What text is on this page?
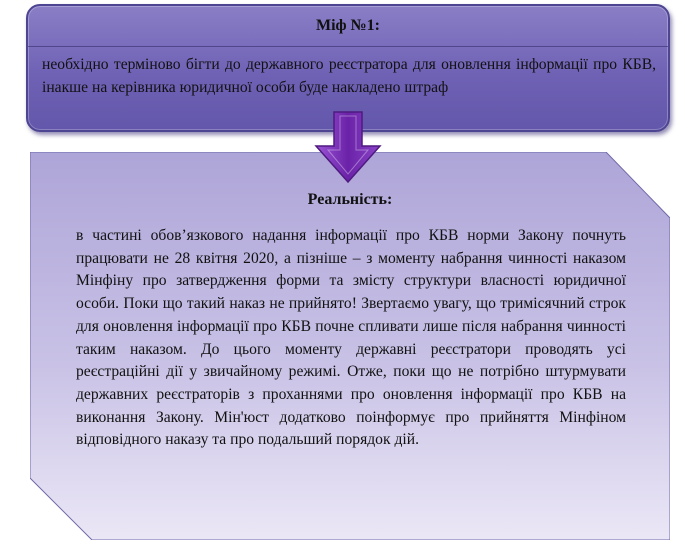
Міф №1:
необхідно терміново бігти до державного реєстратора для оновлення інформації про КБВ, інакше на керівника юридичної особи буде накладено штраф
Реальність:
в частині обов’язкового надання інформації про КБВ норми Закону почнуть працювати не 28 квітня 2020, а пізніше – з моменту набрання чинності наказом Мінфіну про затвердження форми та змісту структури власності юридичної особи. Поки що такий наказ не прийнято! Звертаємо увагу, що тримісячний строк для оновлення інформації про КБВ почне спливати лише після набрання чинності таким наказом. До цього моменту державні реєстратори проводять усі реєстраційні дії у звичайному режимі. Отже, поки що не потрібно штурмувати державних реєстраторів з проханнями про оновлення інформації про КБВ на виконання Закону. Мін'юст додатково поінформує про прийняття Мінфіном відповідного наказу та про подальший порядок дій.
